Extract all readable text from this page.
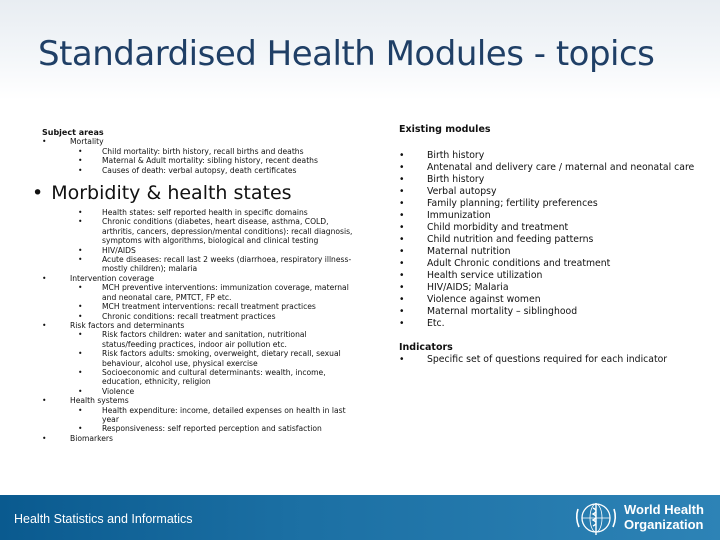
Standardised Health Modules - topics
Subject areas
•	Mortality
•	Child mortality: birth history, recall births and deaths
•	Maternal & Adult mortality: sibling history, recent deaths
•	Causes of death: verbal autopsy, death certificates
• Morbidity & health states
•	Health states: self reported health in specific domains
•	Chronic conditions (diabetes, heart disease, asthma, COLD, arthritis, cancers, depression/mental conditions): recall diagnosis, symptoms with algorithms, biological and clinical testing
•	HIV/AIDS
•	Acute diseases: recall last 2 weeks (diarrhoea, respiratory illness-mostly children); malaria
•	Intervention coverage
•	MCH preventive interventions: immunization coverage, maternal and neonatal care, PMTCT, FP etc.
•	MCH treatment interventions: recall treatment practices
•	Chronic conditions: recall treatment practices
•	Risk factors and determinants
•	Risk factors children: water and sanitation, nutritional status/feeding practices, indoor air pollution etc.
•	Risk factors adults: smoking, overweight, dietary recall, sexual behaviour, alcohol use, physical exercise
•	Socioeconomic and cultural determinants: wealth, income, education, ethnicity, religion
•	Violence
•	Health systems
•	Health expenditure: income, detailed expenses on health in last year
•	Responsiveness: self reported perception and satisfaction
•	Biomarkers
Existing modules
• Birth history
• Antenatal and delivery care / maternal and neonatal care
• Birth history
• Verbal autopsy
• Family planning; fertility preferences
• Immunization
• Child morbidity and treatment
• Child nutrition and feeding patterns
• Maternal nutrition
• Adult Chronic conditions and treatment
• Health service utilization
• HIV/AIDS; Malaria
• Violence against women
• Maternal mortality – siblinghood
• Etc.
Indicators
• Specific set of questions required for each indicator
Health Statistics and Informatics
World Health
Organization
